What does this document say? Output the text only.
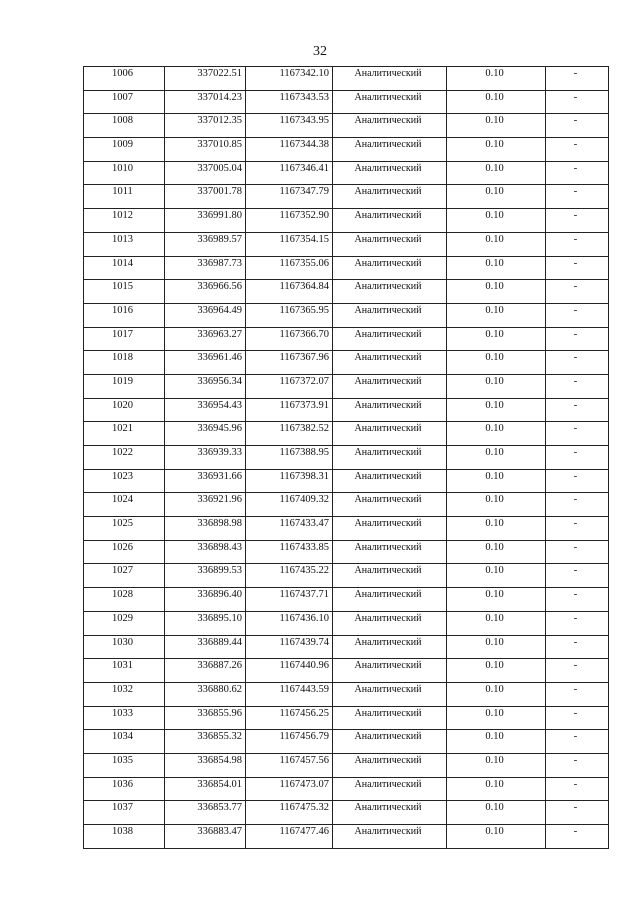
32
1006	337022.51	1167342.10	Аналитический	0.10	-
1007	337014.23	1167343.53	Аналитический	0.10	-
1008	337012.35	1167343.95	Аналитический	0.10	-
1009	337010.85	1167344.38	Аналитический	0.10	-
1010	337005.04	1167346.41	Аналитический	0.10	-
1011	337001.78	1167347.79	Аналитический	0.10	-
1012	336991.80	1167352.90	Аналитический	0.10	-
1013	336989.57	1167354.15	Аналитический	0.10	-
1014	336987.73	1167355.06	Аналитический	0.10	-
1015	336966.56	1167364.84	Аналитический	0.10	-
1016	336964.49	1167365.95	Аналитический	0.10	-
1017	336963.27	1167366.70	Аналитический	0.10	-
1018	336961.46	1167367.96	Аналитический	0.10	-
1019	336956.34	1167372.07	Аналитический	0.10	-
1020	336954.43	1167373.91	Аналитический	0.10	-
1021	336945.96	1167382.52	Аналитический	0.10	-
1022	336939.33	1167388.95	Аналитический	0.10	-
1023	336931.66	1167398.31	Аналитический	0.10	-
1024	336921.96	1167409.32	Аналитический	0.10	-
1025	336898.98	1167433.47	Аналитический	0.10	-
1026	336898.43	1167433.85	Аналитический	0.10	-
1027	336899.53	1167435.22	Аналитический	0.10	-
1028	336896.40	1167437.71	Аналитический	0.10	-
1029	336895.10	1167436.10	Аналитический	0.10	-
1030	336889.44	1167439.74	Аналитический	0.10	-
1031	336887.26	1167440.96	Аналитический	0.10	-
1032	336880.62	1167443.59	Аналитический	0.10	-
1033	336855.96	1167456.25	Аналитический	0.10	-
1034	336855.32	1167456.79	Аналитический	0.10	-
1035	336854.98	1167457.56	Аналитический	0.10	-
1036	336854.01	1167473.07	Аналитический	0.10	-
1037	336853.77	1167475.32	Аналитический	0.10	-
1038	336883.47	1167477.46	Аналитический	0.10	-
